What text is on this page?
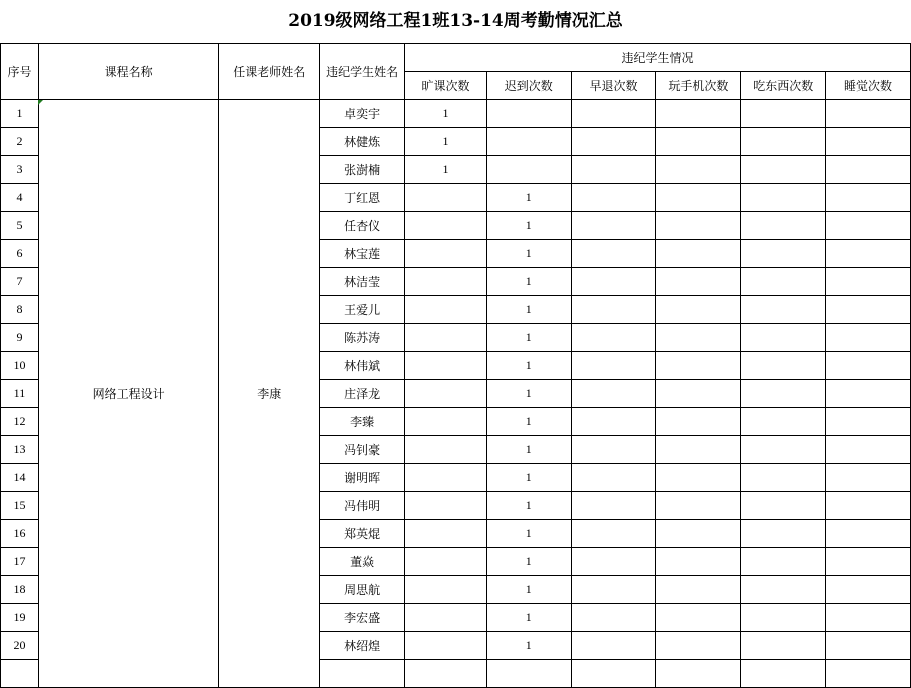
2019级网络工程1班13-14周考勤情况汇总
序号	课程名称	任课老师姓名	违纪学生姓名	违纪学生情况					
				旷课次数	迟到次数	早退次数	玩手机次数	吃东西次数	睡觉次数
1	网络工程设计	李康	卓奕宇	1					
2			林健炼	1					
3			张澍楠	1					
4			丁红恩		1				
5			任杏仪		1				
6			林宝莲		1				
7			林洁莹		1				
8			王爱儿		1				
9			陈苏涛		1				
10			林伟斌		1				
11			庄泽龙		1				
12			李臻		1				
13			冯钊豪		1				
14			谢明晖		1				
15			冯伟明		1				
16			郑英焜		1				
17			董焱		1				
18			周思航		1				
19			李宏盛		1				
20			林绍煌		1				
